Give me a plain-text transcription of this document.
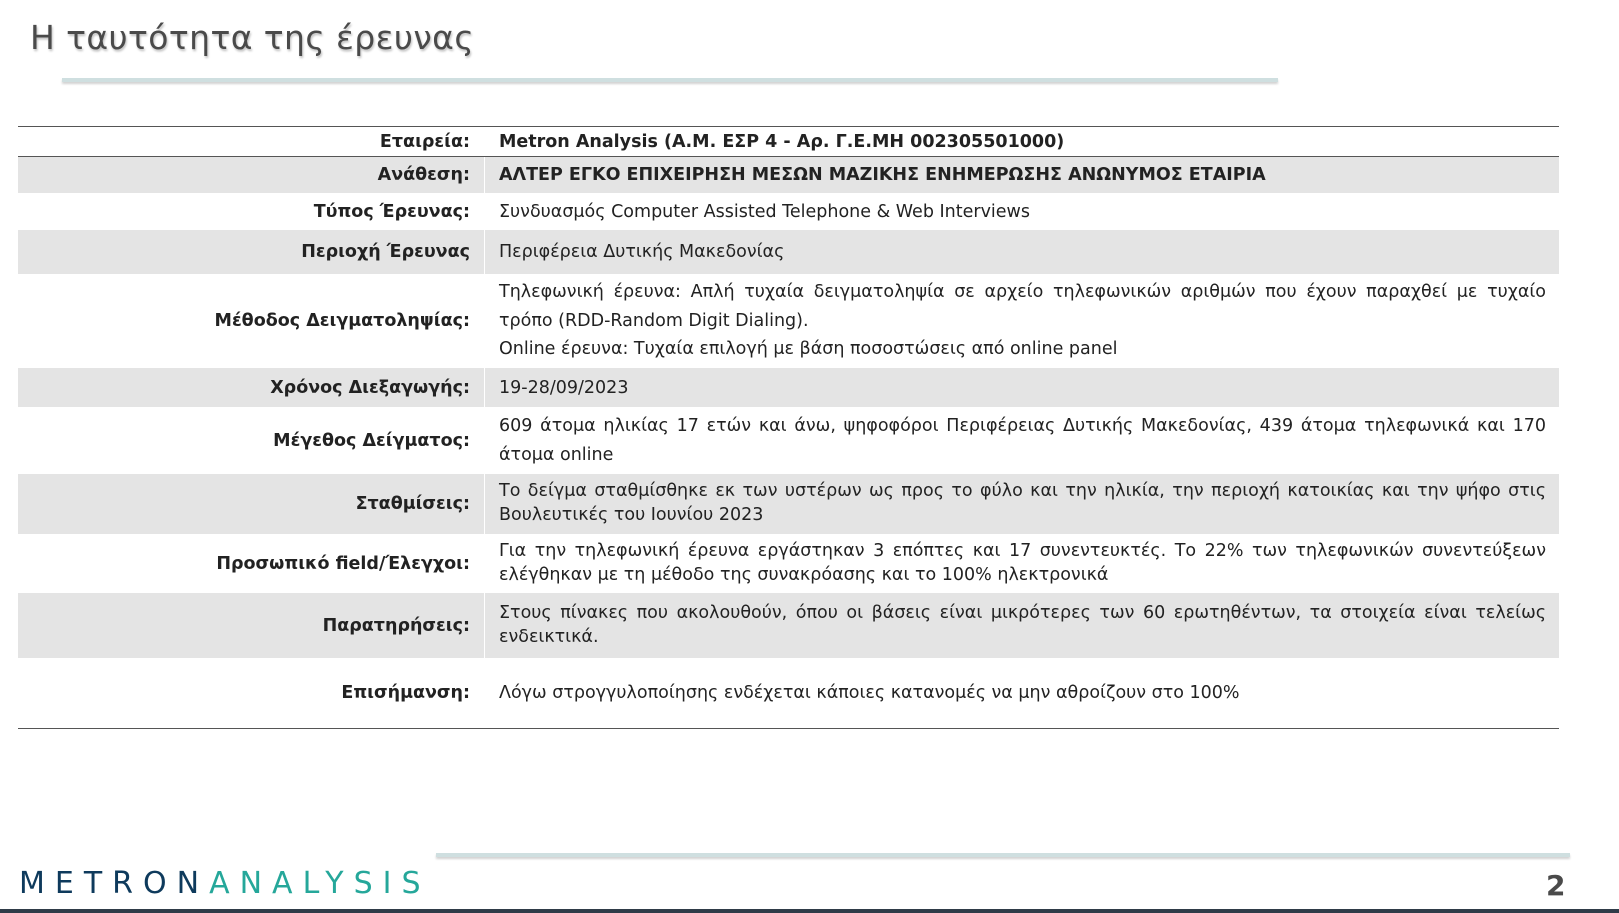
Η ταυτότητα της έρευνας
Εταιρεία:	Metron Analysis (Α.Μ. ΕΣΡ 4 - Αρ. Γ.Ε.ΜΗ 002305501000)
Ανάθεση:	ΑΛΤΕΡ ΕΓΚΟ ΕΠΙΧΕΙΡΗΣΗ ΜΕΣΩΝ ΜΑΖΙΚΗΣ ΕΝΗΜΕΡΩΣΗΣ ΑΝΩΝΥΜΟΣ ΕΤΑΙΡΙΑ
Τύπος Έρευνας:	Συνδυασμός Computer Assisted Telephone & Web Interviews
Περιοχή Έρευνας	Περιφέρεια Δυτικής Μακεδονίας
Μέθοδος Δειγματοληψίας:
Τηλεφωνική έρευνα: Απλή τυχαία δειγματοληψία σε αρχείο τηλεφωνικών αριθμών που έχουν παραχθεί με τυχαίο τρόπο (RDD-Random Digit Dialing).
Online έρευνα: Τυχαία επιλογή με βάση ποσοστώσεις από online panel
Χρόνος Διεξαγωγής:	19-28/09/2023
Μέγεθος Δείγματος:
609 άτομα ηλικίας 17 ετών και άνω, ψηφοφόροι Περιφέρειας Δυτικής Μακεδονίας, 439 άτομα τηλεφωνικά και 170 άτομα online
Σταθμίσεις:
Το δείγμα σταθμίσθηκε εκ των υστέρων ως προς το φύλο και την ηλικία, την περιοχή κατοικίας και την ψήφο στις Βουλευτικές του Ιουνίου 2023
Προσωπικό field/Έλεγχοι:
Για την τηλεφωνική έρευνα εργάστηκαν 3 επόπτες και 17 συνεντευκτές. Το 22% των τηλεφωνικών συνεντεύξεων ελέγθηκαν με τη μέθοδο της συνακρόασης και το 100% ηλεκτρονικά
Παρατηρήσεις:
Στους πίνακες που ακολουθούν, όπου οι βάσεις είναι μικρότερες των 60 ερωτηθέντων, τα στοιχεία είναι τελείως ενδεικτικά.
Επισήμανση:	Λόγω στρογγυλοποίησης ενδέχεται κάποιες κατανομές να μην αθροίζουν στο 100%
METRONANALYSIS	2
